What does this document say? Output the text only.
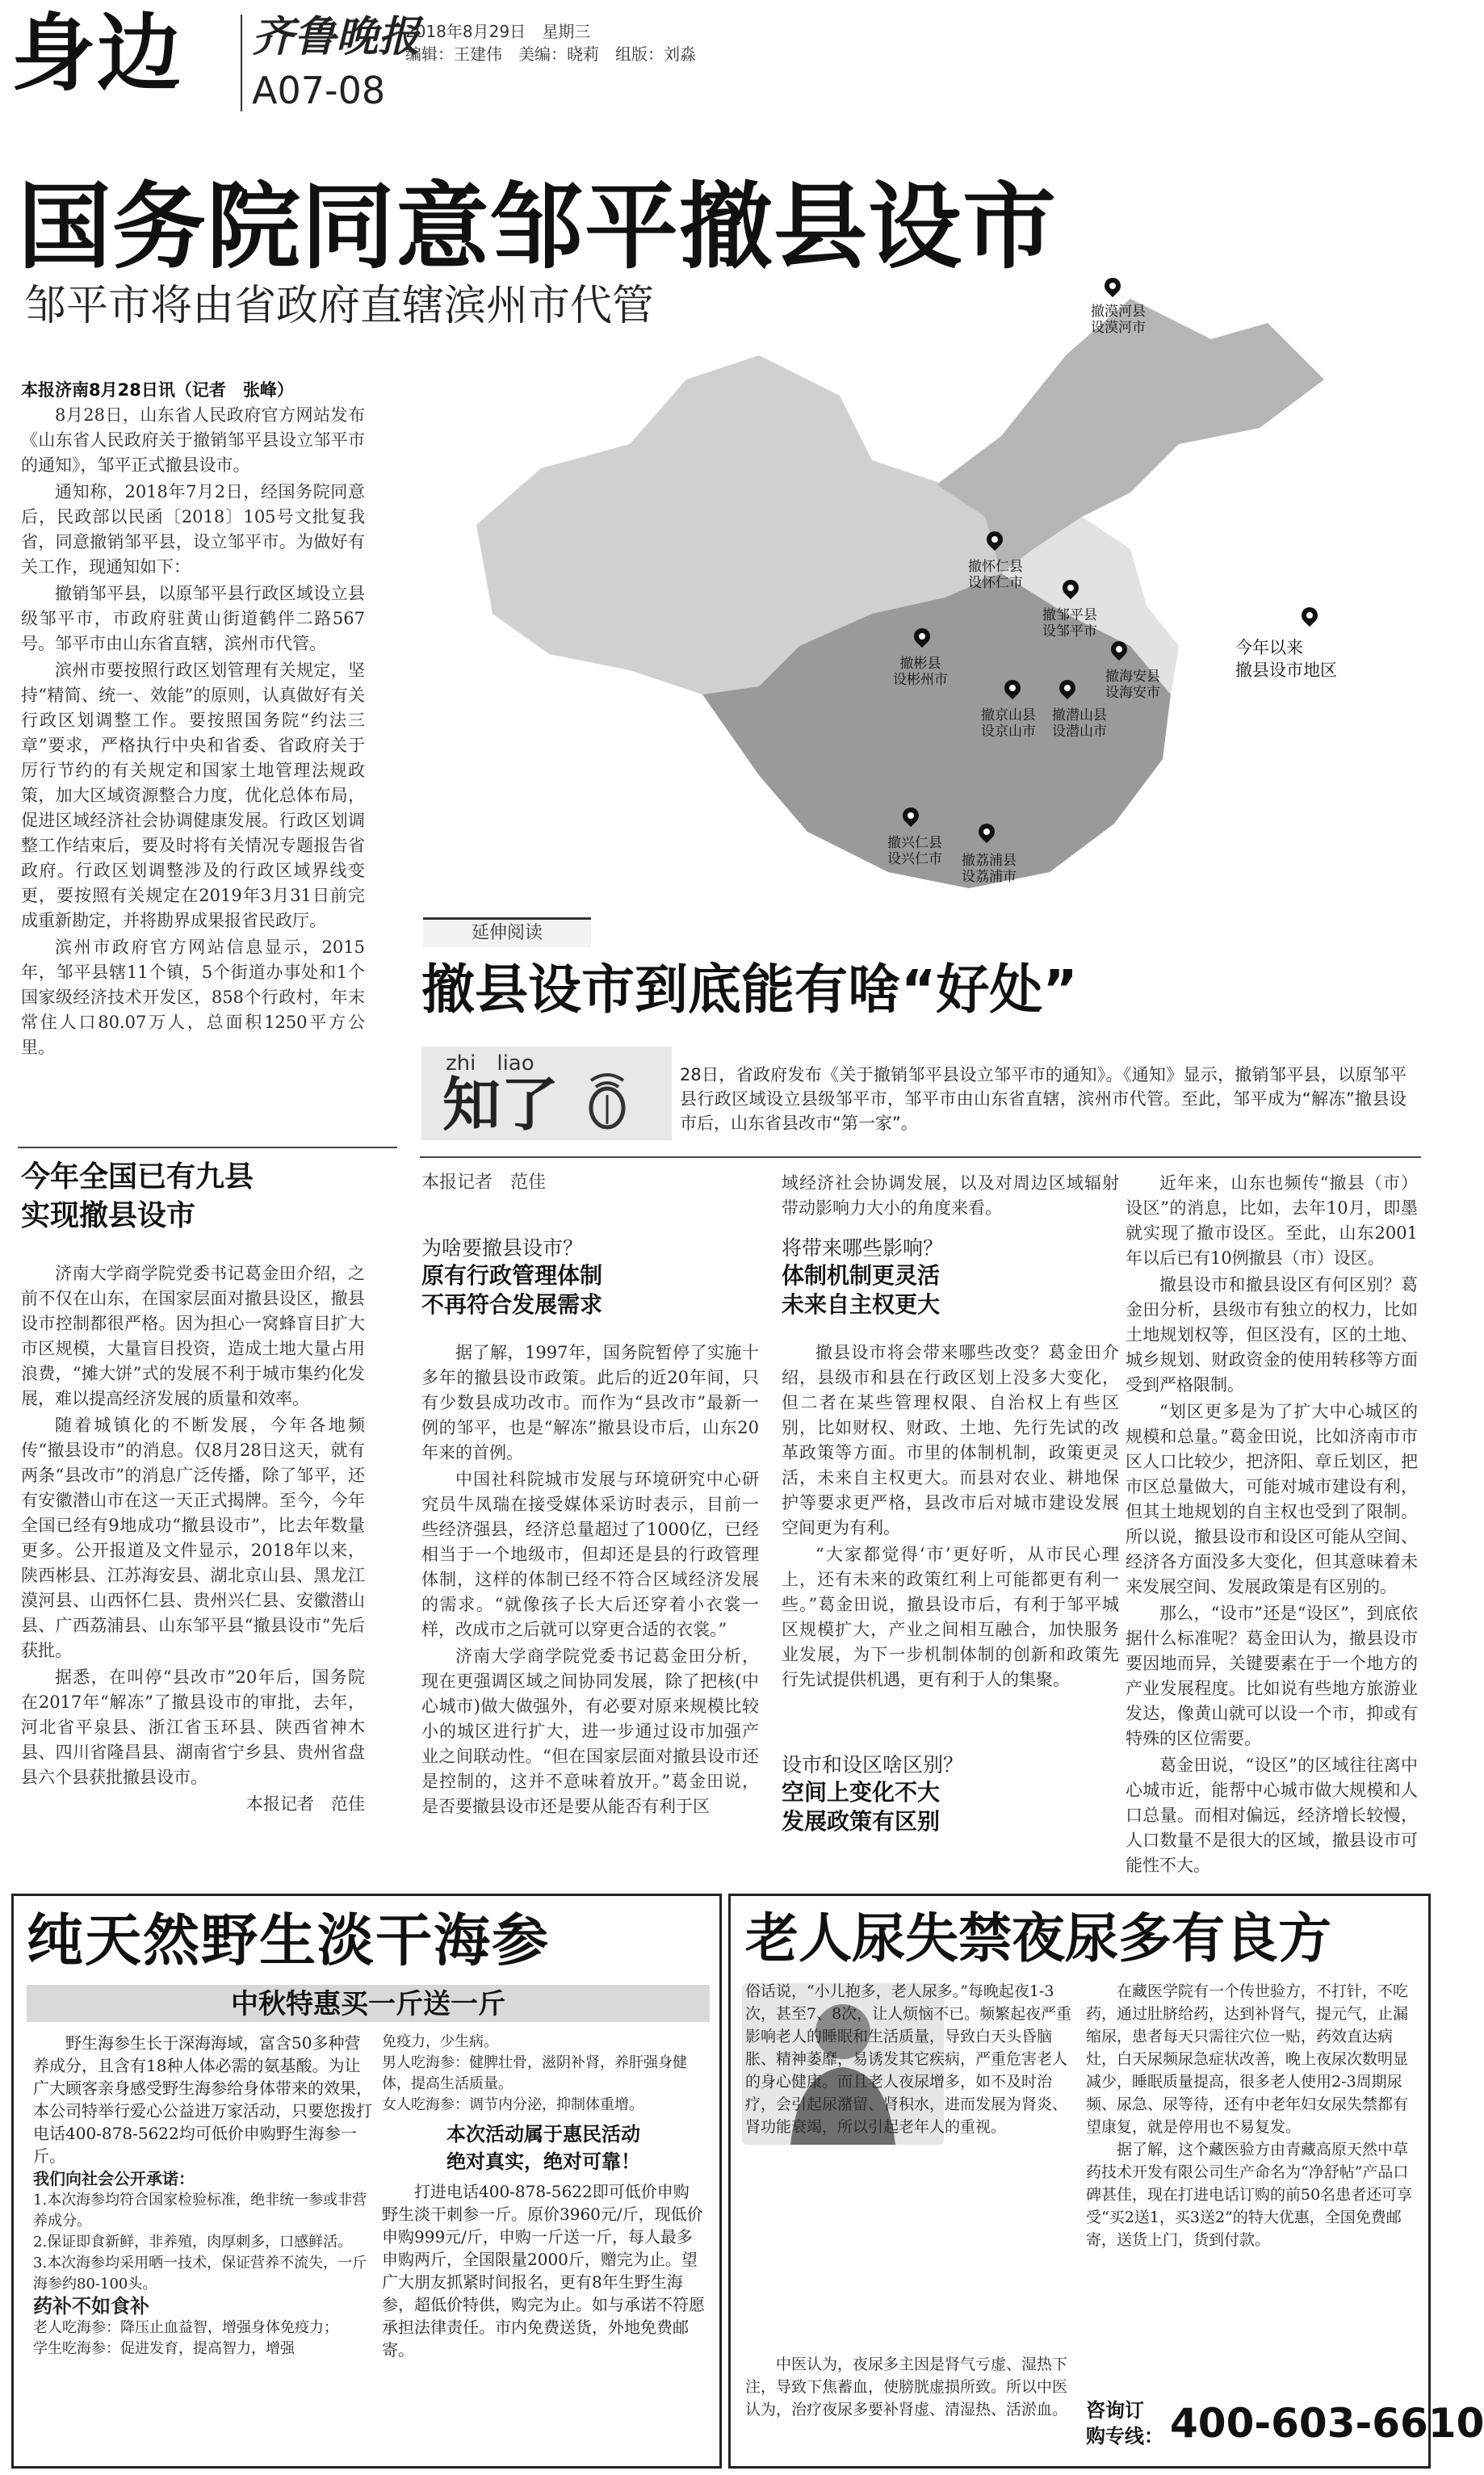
身边 齐鲁晚报
A07-08
2018年8月29日 星期三
编辑：王建伟　美编：晓莉　组版：刘淼
国务院同意邹平撤县设市
邹平市将由省政府直辖滨州市代管
本报济南8月28日讯（记者　张峰）

8月28日，山东省人民政府官方网站发布《山东省人民政府关于撤销邹平县设立邹平市的通知》，邹平正式撤县设市。

通知称，2018年7月2日，经国务院同意后，民政部以民函〔2018〕105号文批复我省，同意撤销邹平县，设立邹平市。为做好有关工作，现通知如下：

撤销邹平县，以原邹平县行政区域设立县级邹平市，市政府驻黄山街道鹤伴二路567号。邹平市由山东省直辖，滨州市代管。

滨州市要按照行政区划管理有关规定，坚持“精简、统一、效能”的原则，认真做好有关行政区划调整工作。要按照国务院“约法三章”要求，严格执行中央和省委、省政府关于厉行节约的有关规定和国家土地管理法规政策，加大区域资源整合力度，优化总体布局，促进区域经济社会协调健康发展。行政区划调整工作结束后，要及时将有关情况专题报告省政府。行政区划调整涉及的行政区域界线变更，要按照有关规定在2019年3月31日前完成重新勘定，并将勘界成果报省民政厅。

滨州市政府官方网站信息显示，2015年，邹平县辖11个镇，5个街道办事处和1个国家级经济技术开发区，858个行政村，年末常住人口80.07万人，总面积1250平方公里。

今年以来
撤县设市地区
撤漠河县
设漠河市
撤怀仁县
设怀仁市
撤邹平县
设邹平市
撤彬县
设彬州市	撤海安县
设海安市
撤京山县
设京山市
撤潜山县
设潜山市
撤兴仁县
设兴仁市	撤荔浦县
设荔浦市
延伸阅读
撤县设市到底能有啥“好处”
zhi　liao
知了	28日，省政府发布《关于撤销邹平县设立邹平市的通知》。《通知》显示，撤销邹平县，以原邹平县行政区域设立县级邹平市，邹平市由山东省直辖，滨州市代管。至此，邹平成为“解冻”撤县设市后，山东省县改市“第一家”。
今年全国已有九县
实现撤县设市

济南大学商学院党委书记葛金田介绍，之前不仅在山东，在国家层面对撤县设区，撤县设市控制都很严格。因为担心一窝蜂盲目扩大市区规模，大量盲目投资，造成土地大量占用浪费，“摊大饼”式的发展不利于城市集约化发展，难以提高经济发展的质量和效率。

随着城镇化的不断发展，今年各地频传“撤县设市”的消息。仅8月28日这天，就有两条“县改市”的消息广泛传播，除了邹平，还有安徽潜山市在这一天正式揭牌。至今，今年全国已经有9地成功“撤县设市”，比去年数量更多。公开报道及文件显示，2018年以来，陕西彬县、江苏海安县、湖北京山县、黑龙江漠河县、山西怀仁县、贵州兴仁县、安徽潜山县、广西荔浦县、山东邹平县“撤县设市”先后获批。

据悉，在叫停“县改市”20年后，国务院在2017年“解冻”了撤县设市的审批，去年，河北省平泉县、浙江省玉环县、陕西省神木县、四川省隆昌县、湖南省宁乡县、贵州省盘县六个县获批撤县设市。

本报记者　范佳
本报记者　范佳
为啥要撤县设市？
原有行政管理体制
不再符合发展需求

据了解，1997年，国务院暂停了实施十多年的撤县设市政策。此后的近20年间，只有少数县成功改市。而作为“县改市”最新一例的邹平，也是“解冻”撤县设市后，山东20年来的首例。

中国社科院城市发展与环境研究中心研究员牛凤瑞在接受媒体采访时表示，目前一些经济强县，经济总量超过了1000亿，已经相当于一个地级市，但却还是县的行政管理体制，这样的体制已经不符合区域经济发展的需求。“就像孩子长大后还穿着小衣裳一样，改成市之后就可以穿更合适的衣裳。”

济南大学商学院党委书记葛金田分析，现在更强调区域之间协同发展，除了把核(中心城市)做大做强外，有必要对原来规模比较小的城区进行扩大，进一步通过设市加强产业之间联动性。“但在国家层面对撤县设市还是控制的，这并不意味着放开。”葛金田说，是否要撤县设市还是要从能否有利于区

域经济社会协调发展，以及对周边区域辐射带动影响力大小的角度来看。
将带来哪些影响？
体制机制更灵活
未来自主权更大

撤县设市将会带来哪些改变？葛金田介绍，县级市和县在行政区划上没多大变化，但二者在某些管理权限、自治权上有些区别，比如财权、财政、土地、先行先试的改革政策等方面。市里的体制机制，政策更灵活，未来自主权更大。而县对农业、耕地保护等要求更严格，县改市后对城市建设发展空间更为有利。

“大家都觉得‘市’更好听，从市民心理上，还有未来的政策红利上可能都更有利一些。”葛金田说，撤县设市后，有利于邹平城区规模扩大，产业之间相互融合，加快服务业发展，为下一步机制体制的创新和政策先行先试提供机遇，更有利于人的集聚。

设市和设区啥区别？
空间上变化不大
发展政策有区别

近年来，山东也频传“撤县（市）设区”的消息，比如，去年10月，即墨就实现了撤市设区。至此，山东2001年以后已有10例撤县（市）设区。

撤县设市和撤县设区有何区别？葛金田分析，县级市有独立的权力，比如土地规划权等，但区没有，区的土地、城乡规划、财政资金的使用转移等方面受到严格限制。

“划区更多是为了扩大中心城区的规模和总量。”葛金田说，比如济南市市区人口比较少，把济阳、章丘划区，把市区总量做大，可能对城市建设有利，但其土地规划的自主权也受到了限制。所以说，撤县设市和设区可能从空间、经济各方面没多大变化，但其意味着未来发展空间、发展政策是有区别的。

那么，“设市”还是“设区”，到底依据什么标准呢？葛金田认为，撤县设市要因地而异，关键要素在于一个地方的产业发展程度。比如说有些地方旅游业发达，像黄山就可以设一个市，抑或有特殊的区位需要。

葛金田说，“设区”的区域往往离中心城市近，能帮中心城市做大规模和人口总量。而相对偏远，经济增长较慢，人口数量不是很大的区域，撤县设市可能性不大。

纯天然野生淡干海参
中秋特惠买一斤送一斤
野生海参生长于深海海域，富含50多种营养成分，且含有18种人体必需的氨基酸。为让广大顾客亲身感受野生海参给身体带来的效果，本公司特举行爱心公益进万家活动，只要您拨打电话400-878-5622均可低价申购野生海参一斤。
我们向社会公开承诺：
1.本次海参均符合国家检验标准，绝非统一参或非营养成分。
2.保证即食新鲜，非养殖，肉厚刺多，口感鲜活。
3.本次海参均采用晒一技术，保证营养不流失，一斤海参约80-100头。
药补不如食补
老人吃海参：降压止血益智，增强身体免疫力；
学生吃海参：促进发育，提高智力，增强
免疫力，少生病。
男人吃海参：健脾壮骨，滋阴补肾，养肝强身健体，提高生活质量。
女人吃海参：调节内分泌，抑制体重增。
本次活动属于惠民活动
绝对真实，绝对可靠！
打进电话400-878-5622即可低价申购野生淡干刺参一斤。原价3960元/斤，现低价申购999元/斤，申购一斤送一斤，每人最多申购两斤，全国限量2000斤，赠完为止。望广大朋友抓紧时间报名，更有8年生野生海参，超低价特供，购完为止。如与承诺不符愿承担法律责任。市内免费送货，外地免费邮寄。
老人尿失禁夜尿多有良方
俗话说，“小儿抱多，老人尿多。”每晚起夜1-3次，甚至7、8次，让人烦恼不已。频繁起夜严重影响老人的睡眠和生活质量，导致白天头昏脑胀、精神萎靡，易诱发其它疾病，严重危害老人的身心健康。而且老人夜尿增多，如不及时治疗，会引起尿潴留、肾积水，进而发展为肾炎、肾功能衰竭，所以引起老年人的重视。
中医认为，夜尿多主因是肾气亏虚、湿热下注，导致下焦蓄血，使膀胱虚损所致。所以中医认为，治疗夜尿多要补肾虚、清湿热、活淤血。
在藏医学院有一个传世验方，不打针，不吃药，通过肚脐给药，达到补肾气，提元气，止漏缩尿，患者每天只需往穴位一贴，药效直达病灶，白天尿频尿急症状改善，晚上夜尿次数明显减少，睡眠质量提高，很多老人使用2-3周期尿频、尿急、尿等待，还有中老年妇女尿失禁都有望康复，就是停用也不易复发。
据了解，这个藏医验方由青藏高原天然中草药技术开发有限公司生产命名为“净舒帖”产品口碑甚佳，现在打进电话订购的前50名患者还可享受“买2送1，买3送2”的特大优惠，全国免费邮寄，送货上门，货到付款。
咨询订
购专线： 400-603-6610
